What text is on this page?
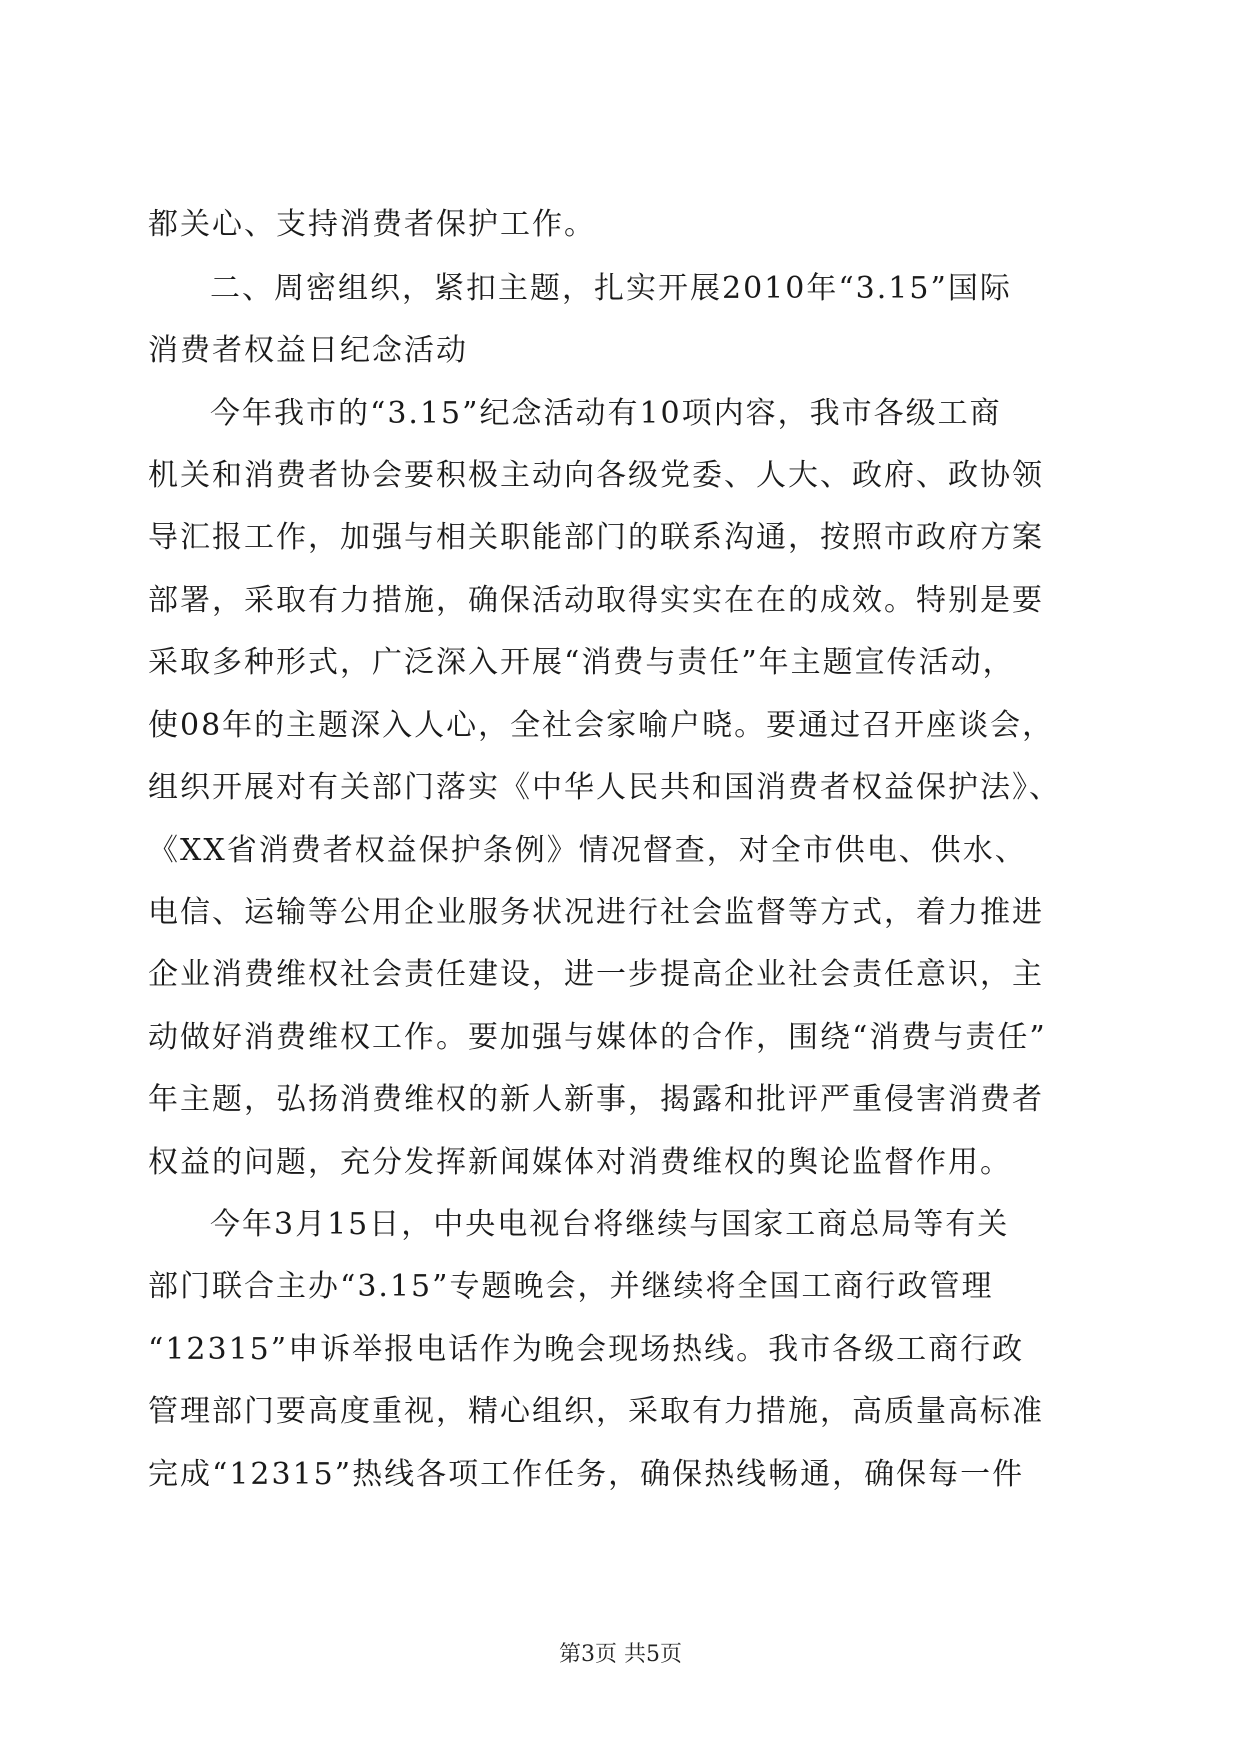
都关心、支持消费者保护工作。
二、周密组织，紧扣主题，扎实开展2010年“3.15”国际
消费者权益日纪念活动
今年我市的“3.15”纪念活动有10项内容，我市各级工商
机关和消费者协会要积极主动向各级党委、人大、政府、政协领
导汇报工作，加强与相关职能部门的联系沟通，按照市政府方案
部署，采取有力措施，确保活动取得实实在在的成效。特别是要
采取多种形式，广泛深入开展“消费与责任”年主题宣传活动，
使08年的主题深入人心，全社会家喻户晓。要通过召开座谈会，
组织开展对有关部门落实《中华人民共和国消费者权益保护法》、
《XX省消费者权益保护条例》情况督查，对全市供电、供水、
电信、运输等公用企业服务状况进行社会监督等方式，着力推进
企业消费维权社会责任建设，进一步提高企业社会责任意识，主
动做好消费维权工作。要加强与媒体的合作，围绕“消费与责任”
年主题，弘扬消费维权的新人新事，揭露和批评严重侵害消费者
权益的问题，充分发挥新闻媒体对消费维权的舆论监督作用。
今年3月15日，中央电视台将继续与国家工商总局等有关
部门联合主办“3.15”专题晚会，并继续将全国工商行政管理
“12315”申诉举报电话作为晚会现场热线。我市各级工商行政
管理部门要高度重视，精心组织，采取有力措施，高质量高标准
完成“12315”热线各项工作任务，确保热线畅通，确保每一件
第3页 共5页
